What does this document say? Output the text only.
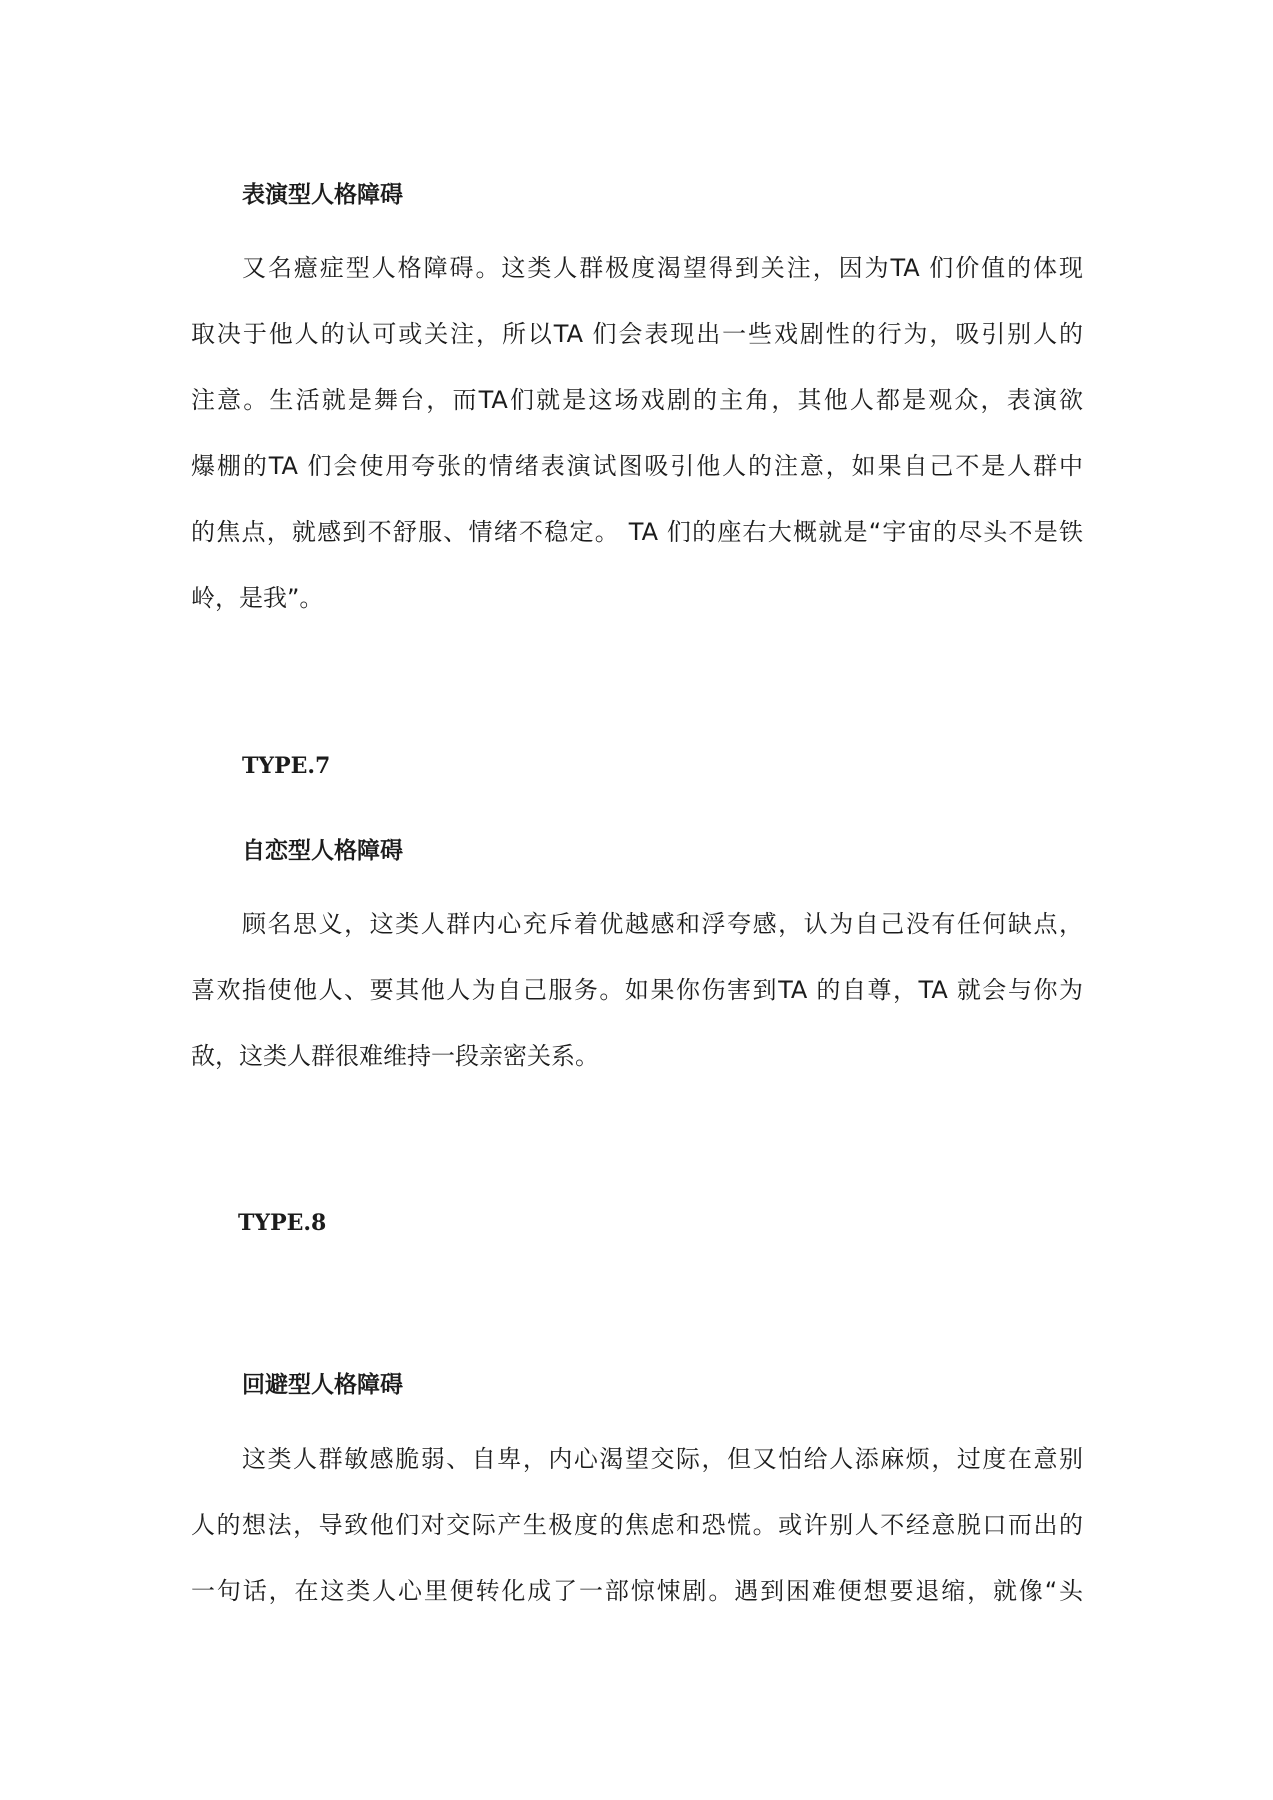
表演型人格障碍
又名癔症型人格障碍。这类人群极度渴望得到关注，因为TA 们价值的体现
取决于他人的认可或关注，所以TA 们会表现出一些戏剧性的行为，吸引别人的
注意。生活就是舞台，而TA们就是这场戏剧的主角，其他人都是观众，表演欲
爆棚的TA 们会使用夸张的情绪表演试图吸引他人的注意，如果自己不是人群中
的焦点，就感到不舒服、情绪不稳定。 TA 们的座右大概就是“宇宙的尽头不是铁
岭，是我”。
TYPE.7
自恋型人格障碍
顾名思义，这类人群内心充斥着优越感和浮夸感，认为自己没有任何缺点，
喜欢指使他人、要其他人为自己服务。如果你伤害到TA 的自尊，TA 就会与你为
敌，这类人群很难维持一段亲密关系。
TYPE.8
回避型人格障碍
这类人群敏感脆弱、自卑，内心渴望交际，但又怕给人添麻烦，过度在意别
人的想法，导致他们对交际产生极度的焦虑和恐慌。或许别人不经意脱口而出的
一句话，在这类人心里便转化成了一部惊悚剧。遇到困难便想要退缩，就像“头
